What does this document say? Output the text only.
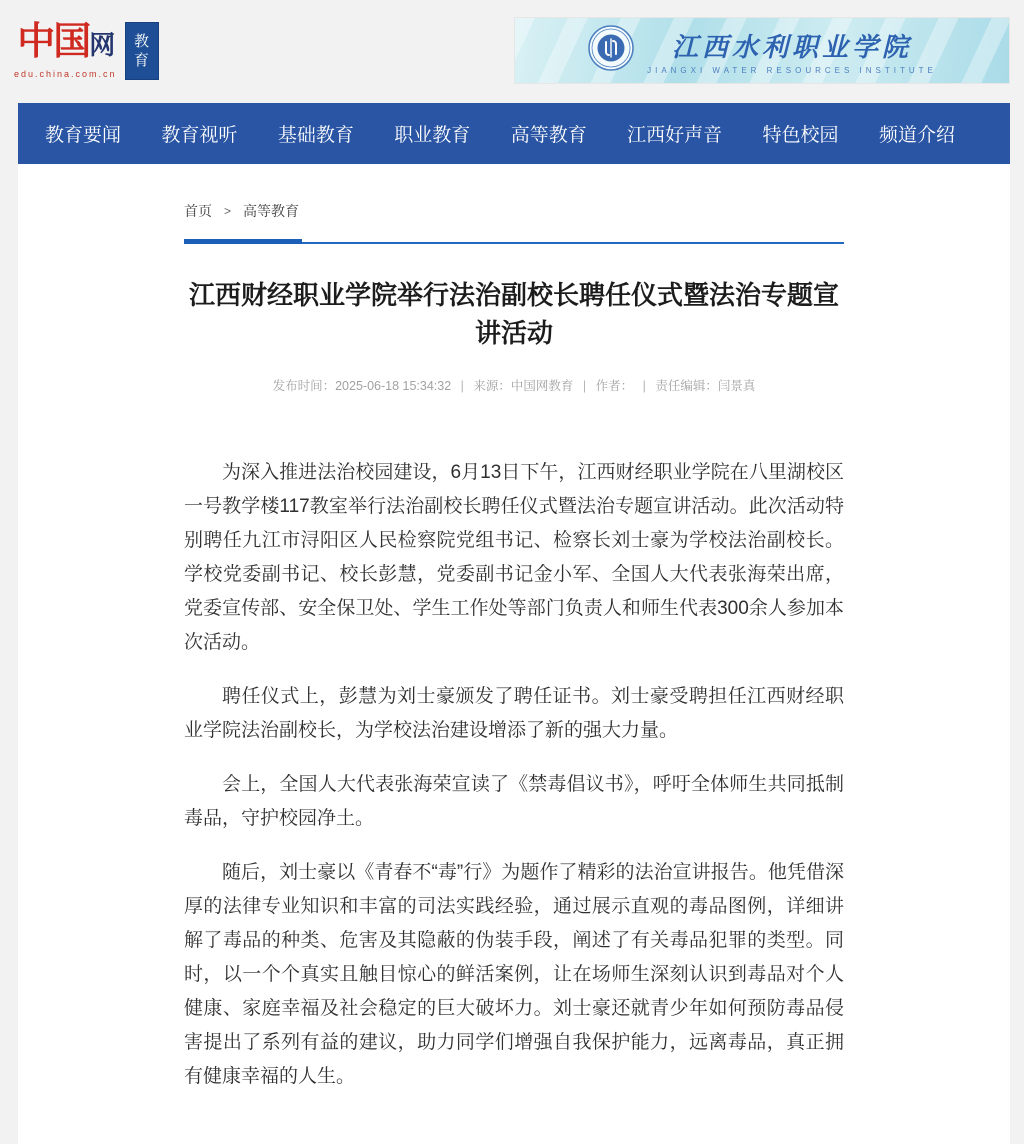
中国网
edu.china.com.cn
教
育	江西水利职业学院
JIANGXI WATER RESOURCES INSTITUTE
教育要闻 教育视听 基础教育 职业教育 高等教育 江西好声音 特色校园 频道介绍
首页 > 高等教育
江西财经职业学院举行法治副校长聘任仪式暨法治专题宣讲活动
发布时间：2025-06-18 15:34:32 | 来源：中国网教育 | 作者： | 责任编辑：闫景真

为深入推进法治校园建设，6月13日下午，江西财经职业学院在八里湖校区一号教学楼117教室举行法治副校长聘任仪式暨法治专题宣讲活动。此次活动特别聘任九江市浔阳区人民检察院党组书记、检察长刘士豪为学校法治副校长。学校党委副书记、校长彭慧，党委副书记金小军、全国人大代表张海荣出席，党委宣传部、安全保卫处、学生工作处等部门负责人和师生代表300余人参加本次活动。

聘任仪式上，彭慧为刘士豪颁发了聘任证书。刘士豪受聘担任江西财经职业学院法治副校长，为学校法治建设增添了新的强大力量。

会上，全国人大代表张海荣宣读了《禁毒倡议书》，呼吁全体师生共同抵制毒品，守护校园净土。

随后，刘士豪以《青春不“毒”行》为题作了精彩的法治宣讲报告。他凭借深厚的法律专业知识和丰富的司法实践经验，通过展示直观的毒品图例，详细讲解了毒品的种类、危害及其隐蔽的伪装手段，阐述了有关毒品犯罪的类型。同时，以一个个真实且触目惊心的鲜活案例，让在场师生深刻认识到毒品对个人健康、家庭幸福及社会稳定的巨大破坏力。刘士豪还就青少年如何预防毒品侵害提出了系列有益的建议，助力同学们增强自我保护能力，远离毒品，真正拥有健康幸福的人生。
